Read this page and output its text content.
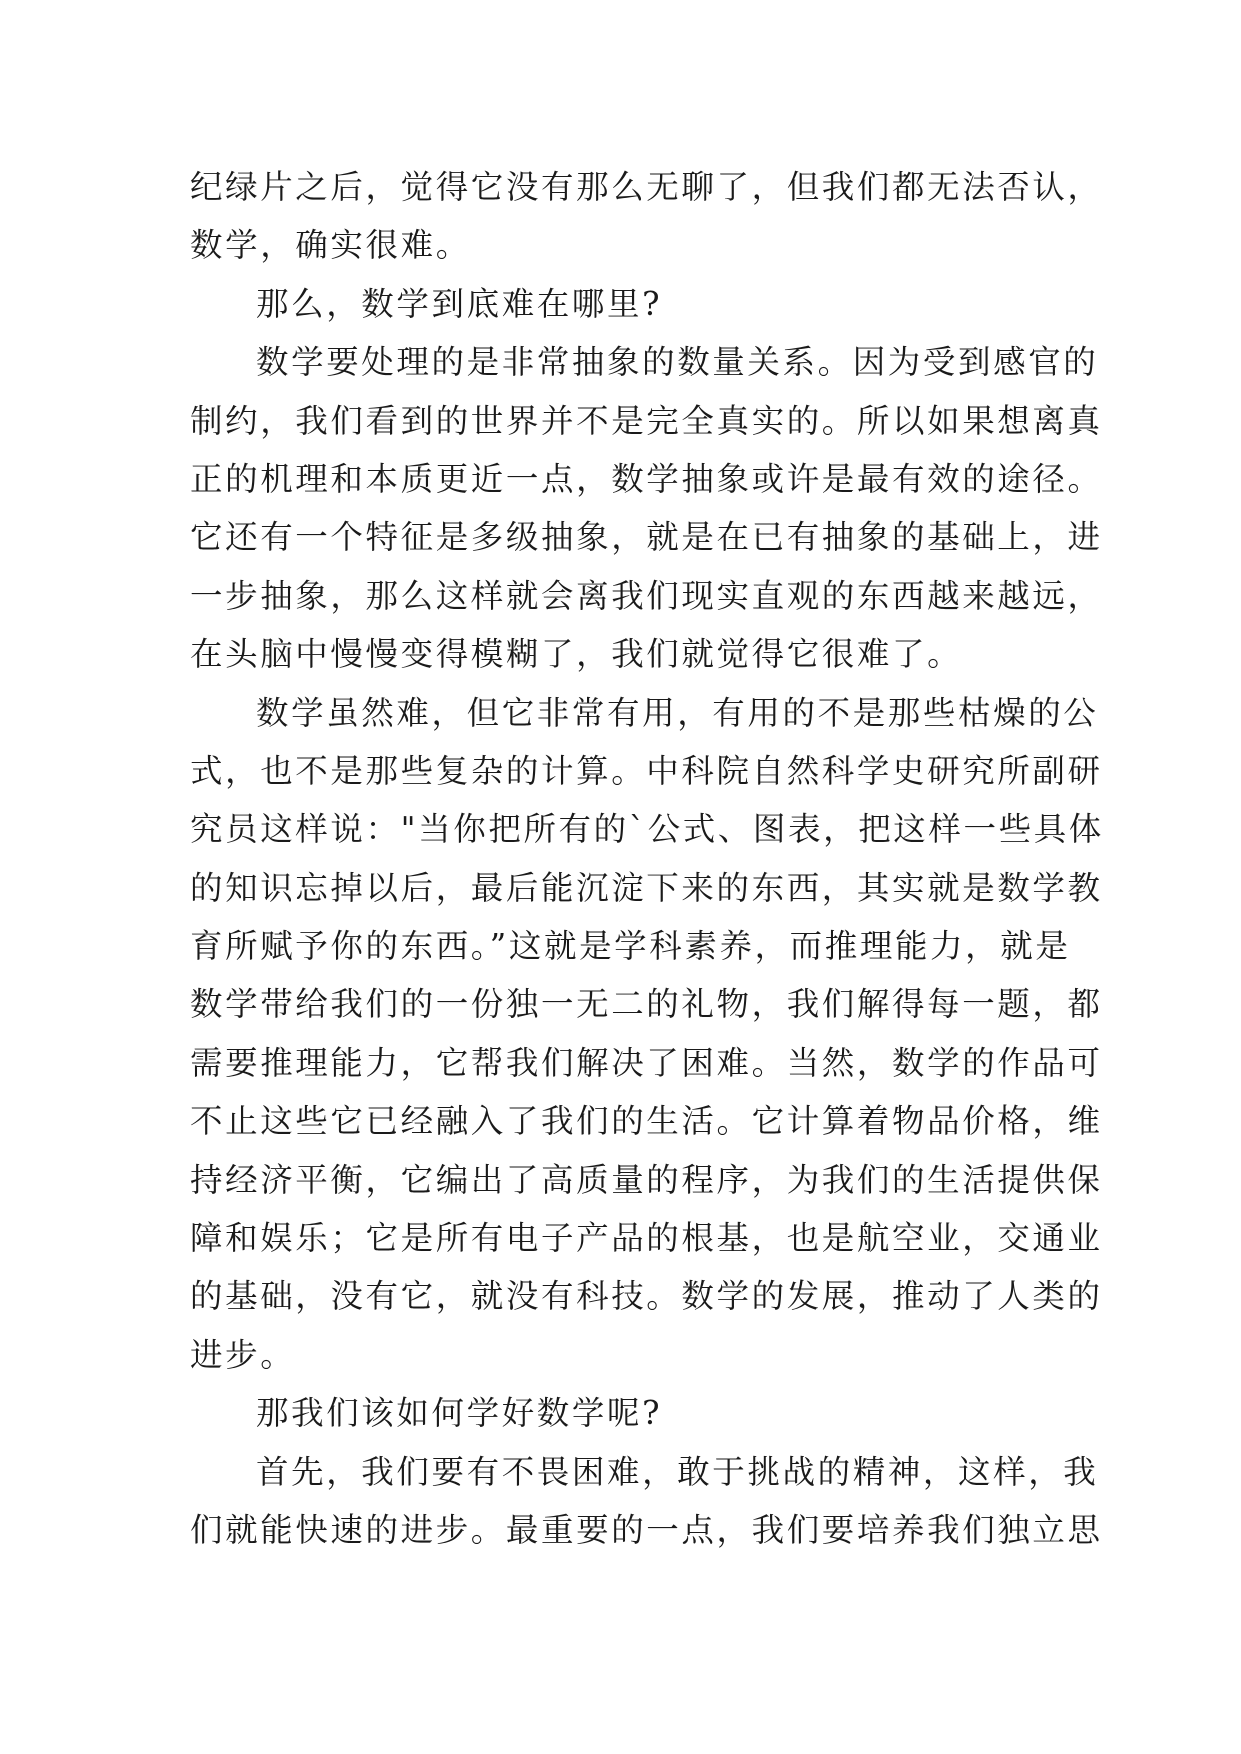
纪绿片之后，觉得它没有那么无聊了，但我们都无法否认，
数学，确实很难。
那么，数学到底难在哪里?
数学要处理的是非常抽象的数量关系。因为受到感官的
制约，我们看到的世界并不是完全真实的。所以如果想离真
正的机理和本质更近一点，数学抽象或许是最有效的途径。
它还有一个特征是多级抽象，就是在已有抽象的基础上，进
一步抽象，那么这样就会离我们现实直观的东西越来越远，
在头脑中慢慢变得模糊了，我们就觉得它很难了。
数学虽然难，但它非常有用，有用的不是那些枯燥的公
式，也不是那些复杂的计算。中科院自然科学史研究所副研
究员这样说："当你把所有的`公式、图表，把这样一些具体
的知识忘掉以后，最后能沉淀下来的东西，其实就是数学教
育所赋予你的东西。”这就是学科素养，而推理能力，就是
数学带给我们的一份独一无二的礼物，我们解得每一题，都
需要推理能力，它帮我们解决了困难。当然，数学的作品可
不止这些它已经融入了我们的生活。它计算着物品价格，维
持经济平衡，它编出了高质量的程序，为我们的生活提供保
障和娱乐；它是所有电子产品的根基，也是航空业，交通业
的基础，没有它，就没有科技。数学的发展，推动了人类的
进步。
那我们该如何学好数学呢?
首先，我们要有不畏困难，敢于挑战的精神，这样，我
们就能快速的进步。最重要的一点，我们要培养我们独立思
